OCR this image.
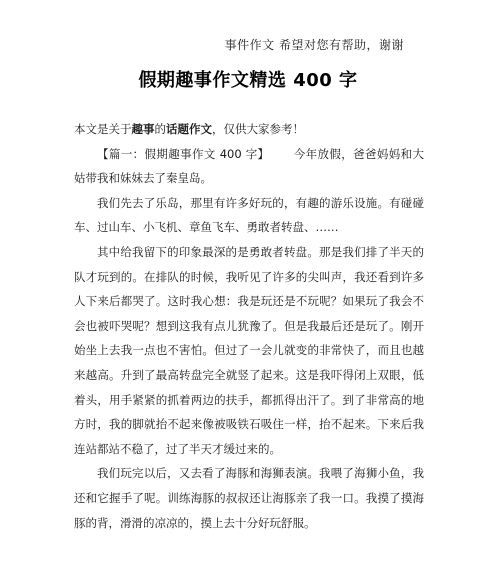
事件作文 希望对您有帮助，谢谢
假期趣事作文精选 400 字

本文是关于趣事的话题作文，仅供大家参考！

【篇一：假期趣事作文 400 字】 今年放假，爸爸妈妈和大姑带我和妹妹去了秦皇岛。

我们先去了乐岛，那里有许多好玩的，有趣的游乐设施。有碰碰车、过山车、小飞机、章鱼飞车、勇敢者转盘、……

其中给我留下的印象最深的是勇敢者转盘。那是我们排了半天的队才玩到的。在排队的时候，我听见了许多的尖叫声，我还看到许多人下来后都哭了。这时我心想：我是玩还是不玩呢？如果玩了我会不会也被吓哭呢？想到这我有点儿犹豫了。但是我最后还是玩了。刚开始坐上去我一点也不害怕。但过了一会儿就变的非常快了，而且也越来越高。升到了最高转盘完全就竖了起来。这是我吓得闭上双眼，低着头，用手紧紧的抓着两边的扶手，都抓得出汗了。到了非常高的地方时，我的脚就抬不起来像被吸铁石吸住一样，抬不起来。下来后我连站都站不稳了，过了半天才缓过来的。

我们玩完以后，又去看了海豚和海狮表演。我喂了海狮小鱼，我还和它握手了呢。训练海豚的叔叔还让海豚亲了我一口。我摸了摸海豚的背，滑滑的凉凉的，摸上去十分好玩舒服。
